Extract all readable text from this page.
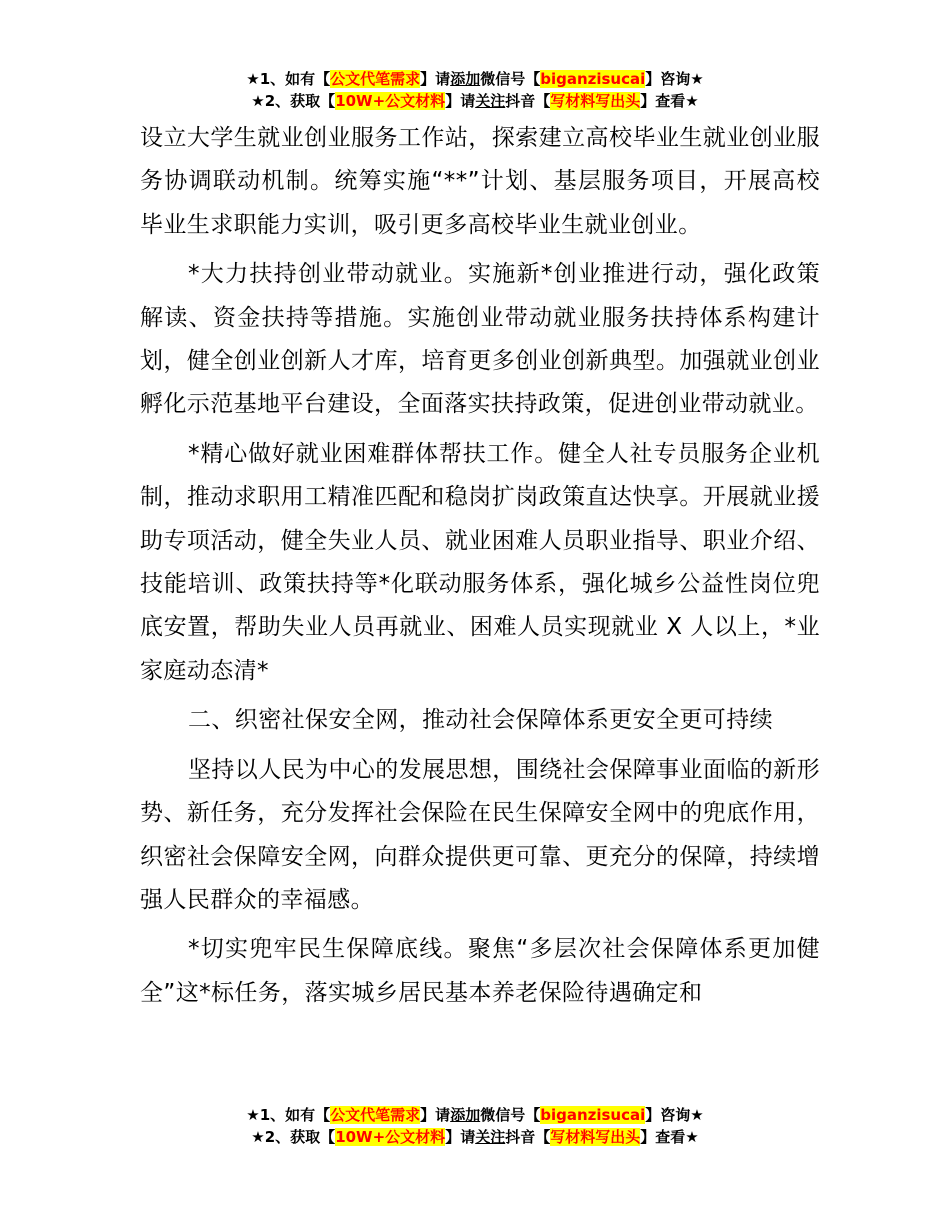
★1、如有【公文代笔需求】请添加微信号【biganzisucai】咨询★
★2、获取【10W+公文材料】请关注抖音【写材料写出头】查看★

设立大学生就业创业服务工作站，探索建立高校毕业生就业创业服务协调联动机制。统筹实施“**”计划、基层服务项目，开展高校毕业生求职能力实训，吸引更多高校毕业生就业创业。

*大力扶持创业带动就业。实施新*创业推进行动，强化政策解读、资金扶持等措施。实施创业带动就业服务扶持体系构建计划，健全创业创新人才库，培育更多创业创新典型。加强就业创业孵化示范基地平台建设，全面落实扶持政策，促进创业带动就业。

*精心做好就业困难群体帮扶工作。健全人社专员服务企业机制，推动求职用工精准匹配和稳岗扩岗政策直达快享。开展就业援助专项活动，健全失业人员、就业困难人员职业指导、职业介绍、技能培训、政策扶持等*化联动服务体系，强化城乡公益性岗位兜底安置，帮助失业人员再就业、困难人员实现就业 X 人以上，*业家庭动态清*

二、织密社保安全网，推动社会保障体系更安全更可持续

坚持以人民为中心的发展思想，围绕社会保障事业面临的新形势、新任务，充分发挥社会保险在民生保障安全网中的兜底作用，织密社会保障安全网，向群众提供更可靠、更充分的保障，持续增强人民群众的幸福感。

*切实兜牢民生保障底线。聚焦“多层次社会保障体系更加健全”这*标任务，落实城乡居民基本养老保险待遇确定和

★1、如有【公文代笔需求】请添加微信号【biganzisucai】咨询★
★2、获取【10W+公文材料】请关注抖音【写材料写出头】查看★
